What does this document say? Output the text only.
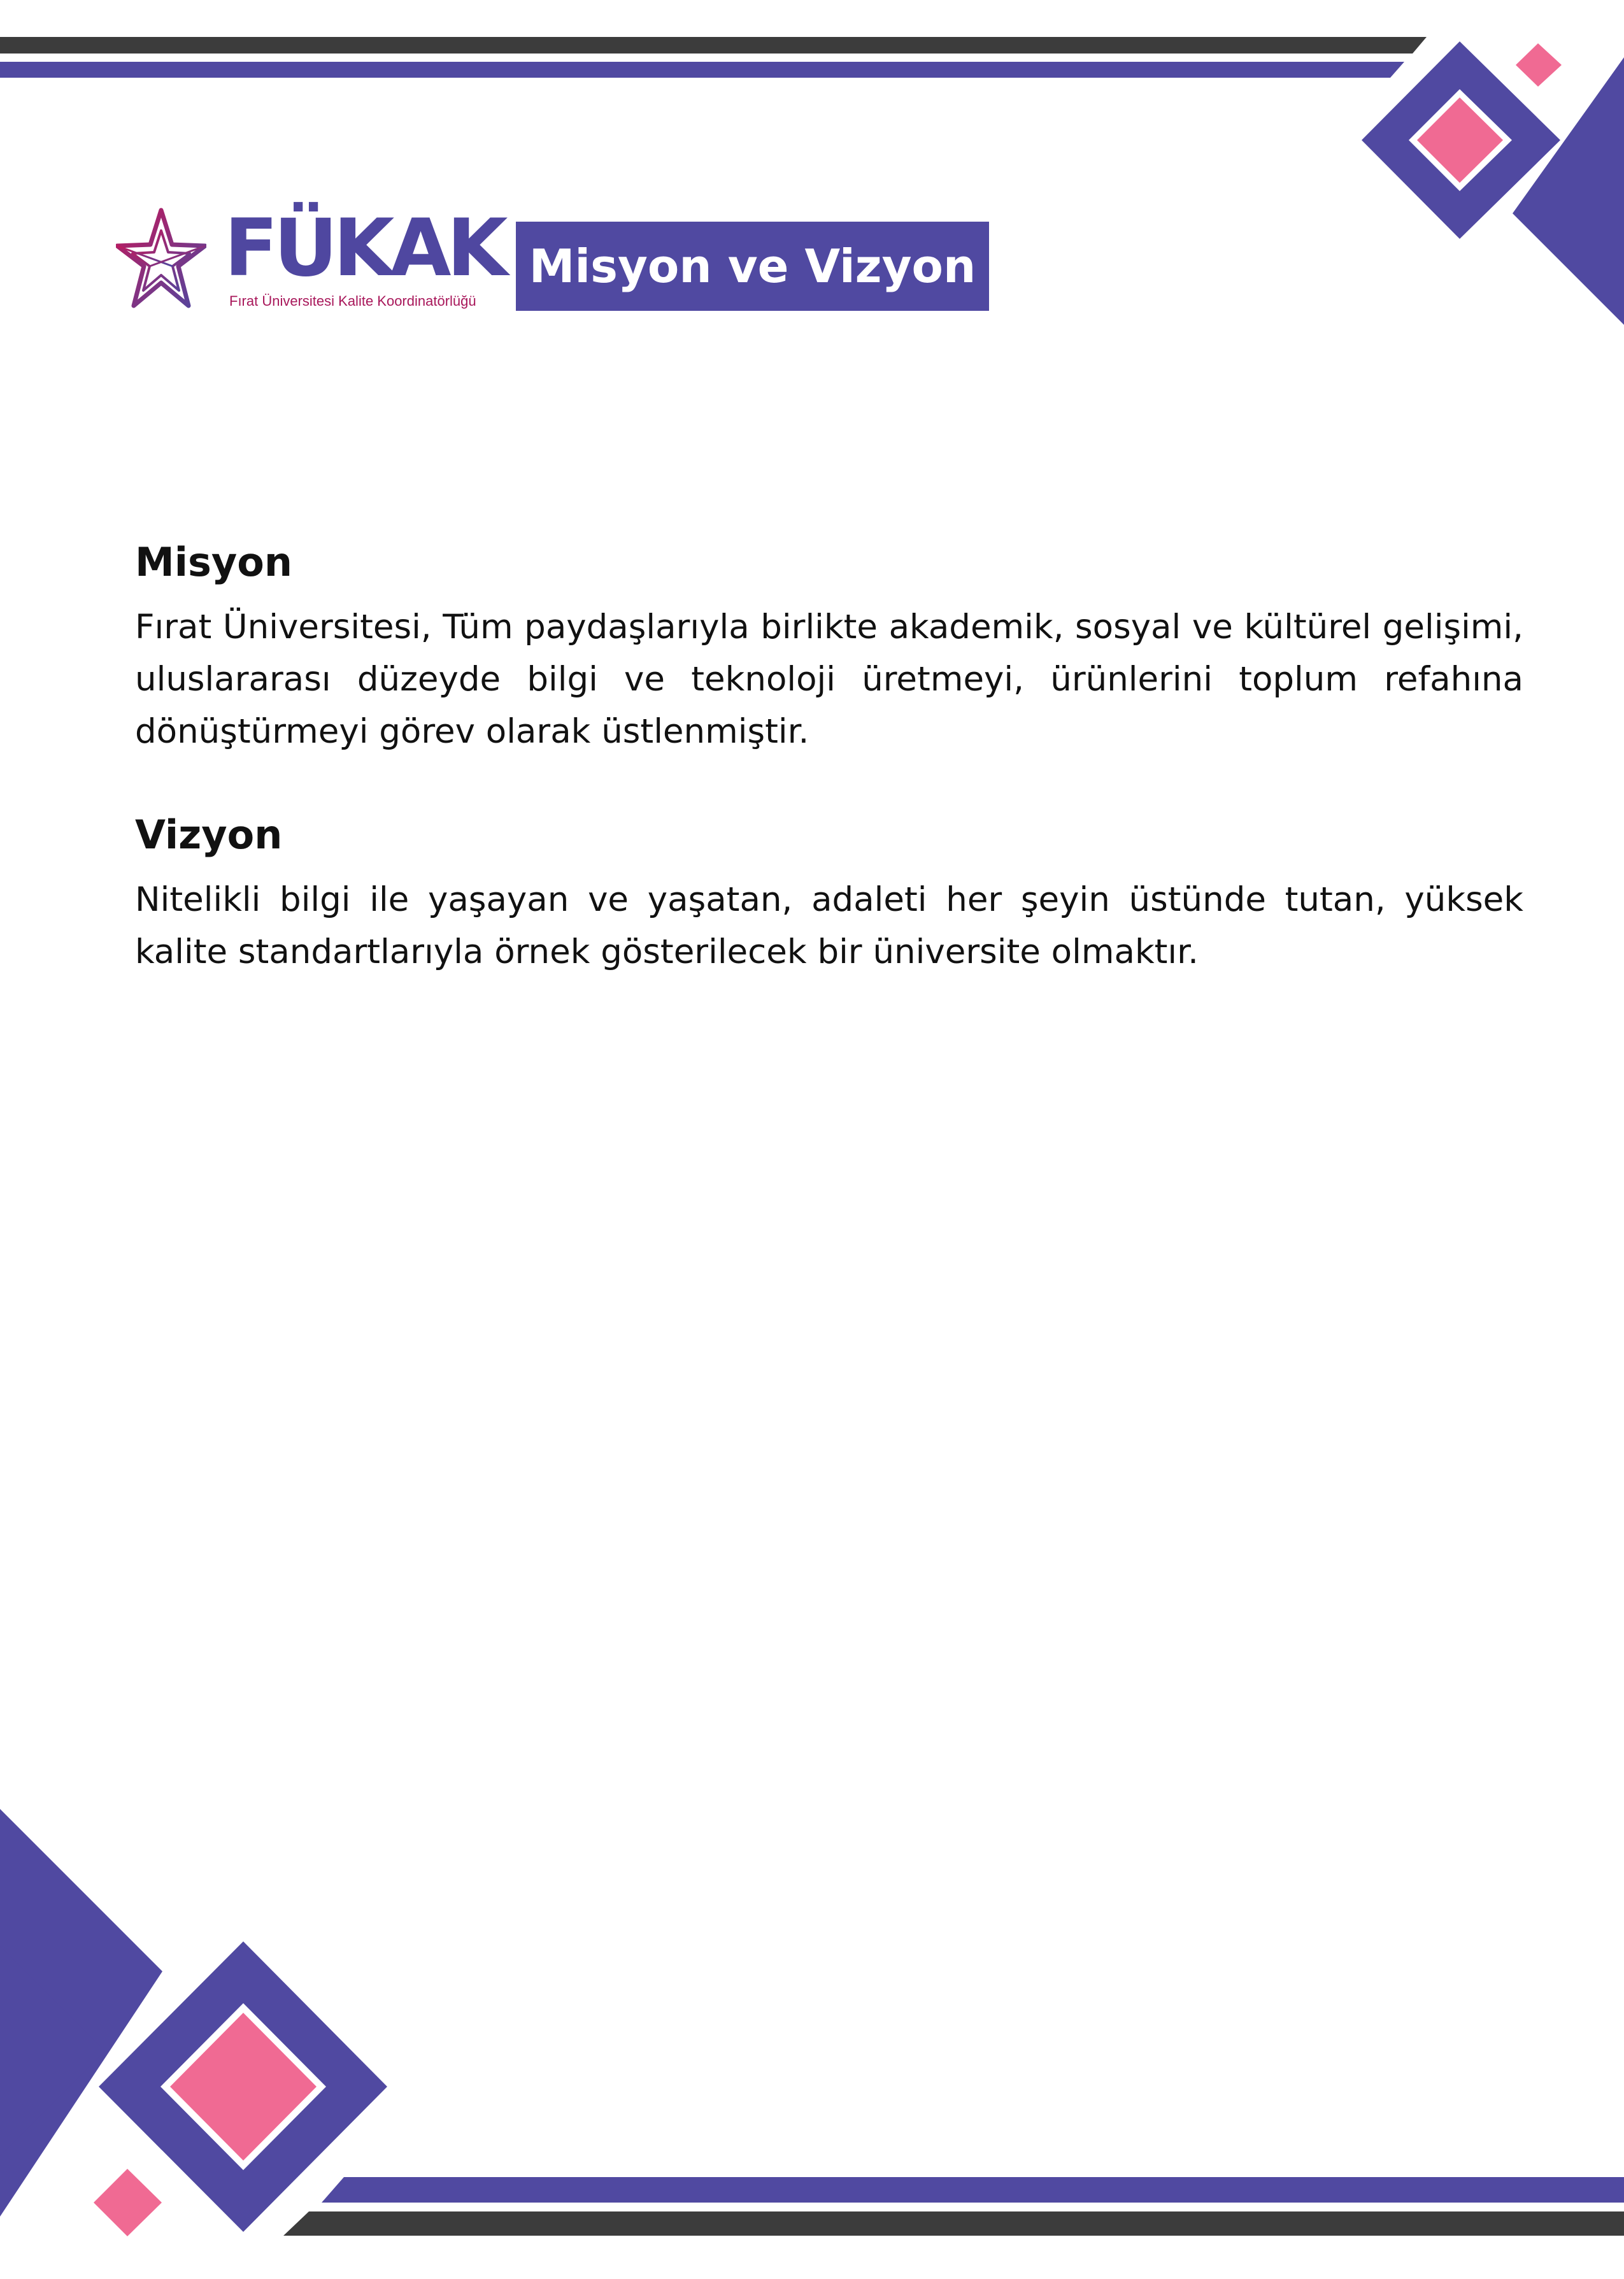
FÜKAK
Fırat Üniversitesi Kalite Koordinatörlüğü
Misyon ve Vizyon
Misyon

Fırat Üniversitesi, Tüm paydaşlarıyla birlikte akademik, sosyal ve kültürel gelişimi, uluslararası düzeyde bilgi ve teknoloji üretmeyi, ürünlerini toplum refahına dönüştürmeyi görev olarak üstlenmiştir.

Vizyon

Nitelikli bilgi ile yaşayan ve yaşatan, adaleti her şeyin üstünde tutan, yüksek kalite standartlarıyla örnek gösterilecek bir üniversite olmaktır.
